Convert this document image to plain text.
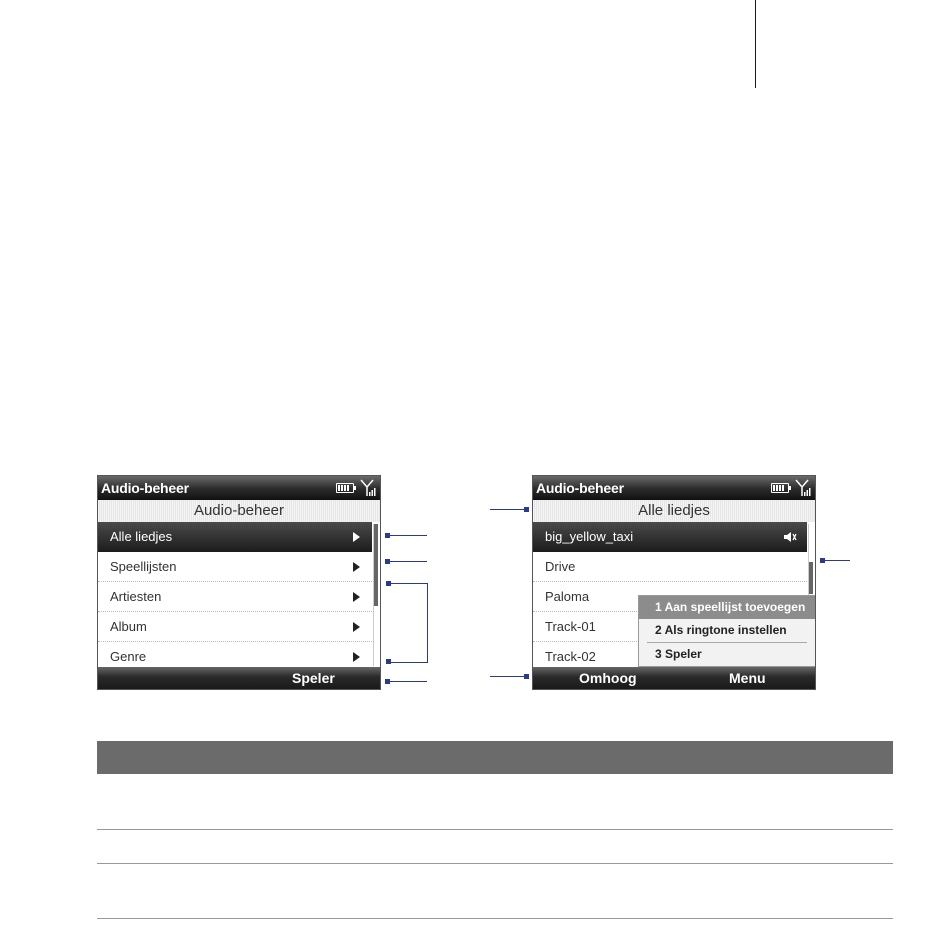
Audio-beheer
Audio-beheer
Alle liedjes
Speellijsten
Artiesten
Album
Genre
Speler
Audio-beheer
Alle liedjes
big_yellow_taxi
Drive
Paloma
Track-01
Track-02
1 Aan speellijst toevoegen
2 Als ringtone instellen
3 Speler
Omhoog	Menu
